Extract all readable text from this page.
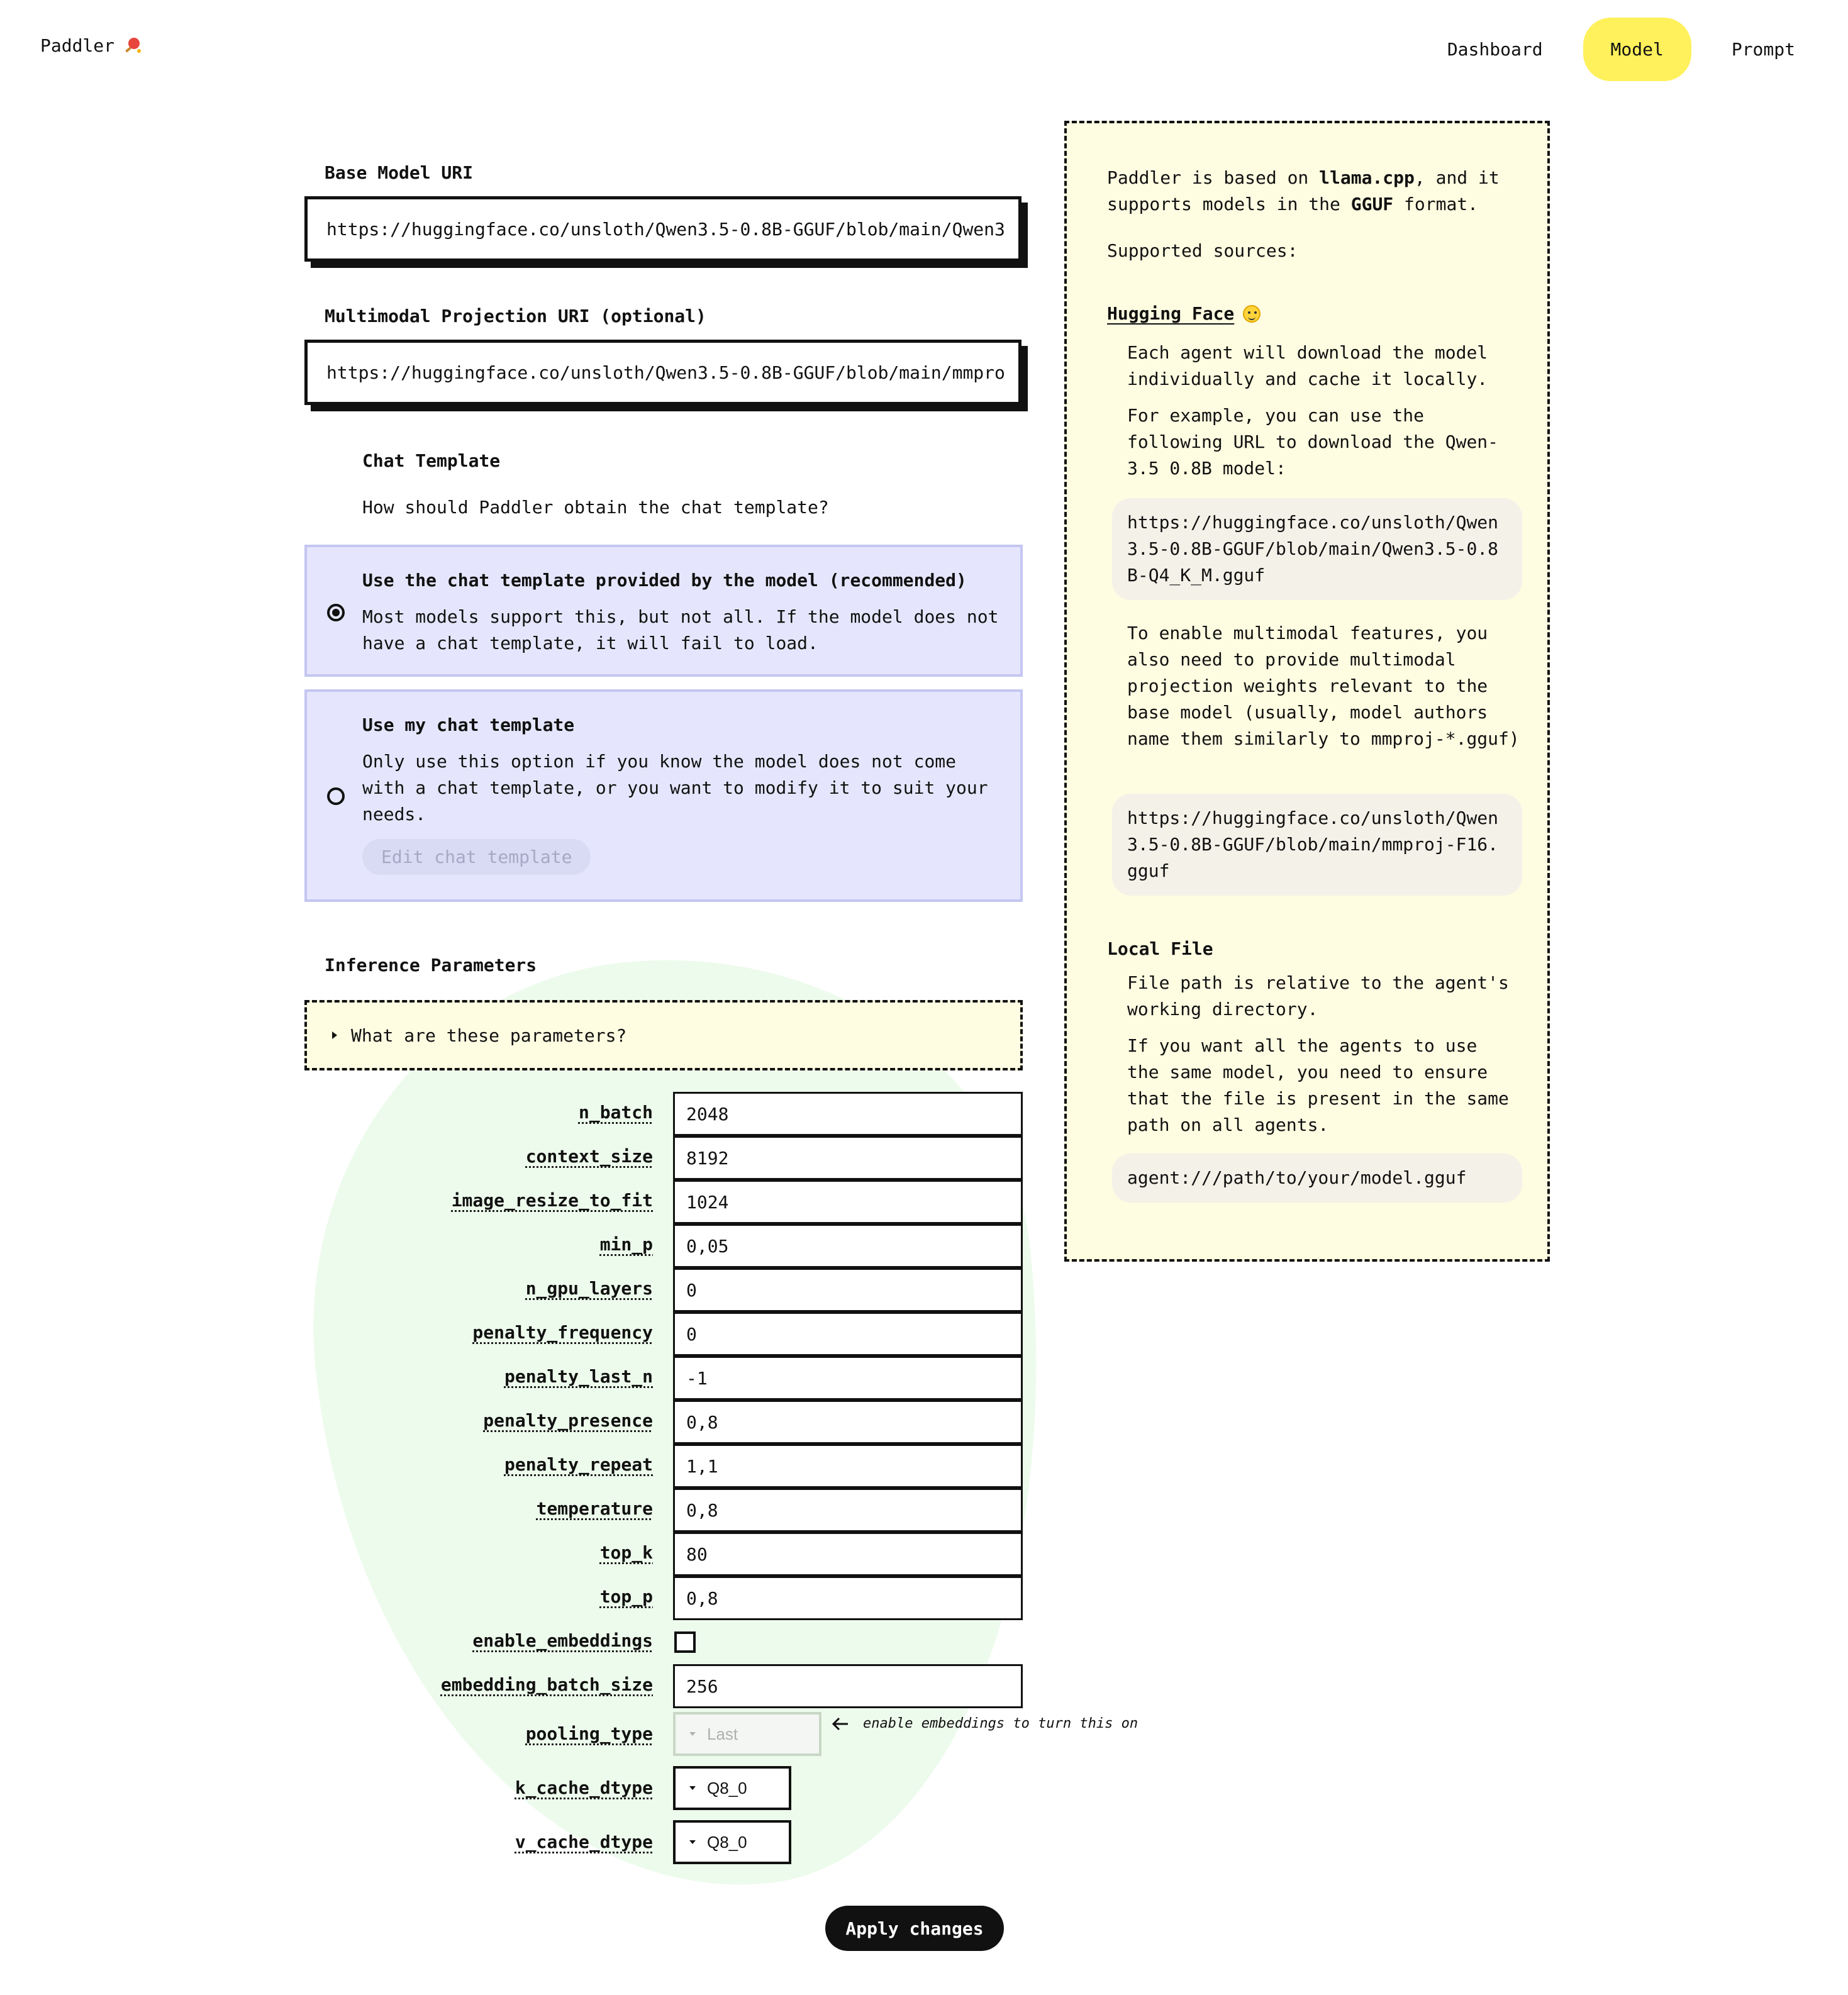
Paddler	Dashboard	Model	Prompt
Base Model URI
https://huggingface.co/unsloth/Qwen3.5-0.8B-GGUF/blob/main/Qwen3
Multimodal Projection URI (optional)
https://huggingface.co/unsloth/Qwen3.5-0.8B-GGUF/blob/main/mmpro
Chat Template
How should Paddler obtain the chat template?
Use the chat template provided by the model (recommended)
Most models support this, but not all. If the model does not have a chat template, it will fail to load.
Use my chat template
Only use this option if you know the model does not come with a chat template, or you want to modify it to suit your needs.
Edit chat template
Inference Parameters
What are these parameters?
n_batch	2048
context_size	8192
image_resize_to_fit	1024
min_p	0,05
n_gpu_layers	0
penalty_frequency	0
penalty_last_n	-1
penalty_presence	0,8
penalty_repeat	1,1
temperature	0,8
top_k	80
top_p	0,8
enable_embeddings
embedding_batch_size	256
pooling_type	Last
enable embeddings to turn this on
k_cache_dtype	Q8_0
v_cache_dtype	Q8_0
Apply changes
Paddler is based on llama.cpp, and it supports models in the GGUF format.
Supported sources:
Hugging Face
Each agent will download the model individually and cache it locally.
For example, you can use the following URL to download the Qwen-3.5 0.8B model:
https://huggingface.co/unsloth/Qwen3.5-0.8B-GGUF/blob/main/Qwen3.5-0.8B-Q4_K_M.gguf
To enable multimodal features, you also need to provide multimodal projection weights relevant to the base model (usually, model authors name them similarly to mmproj-*.gguf)
https://huggingface.co/unsloth/Qwen3.5-0.8B-GGUF/blob/main/mmproj-F16.gguf
Local File
File path is relative to the agent's working directory.
If you want all the agents to use the same model, you need to ensure that the file is present in the same path on all agents.
agent:///path/to/your/model.gguf
